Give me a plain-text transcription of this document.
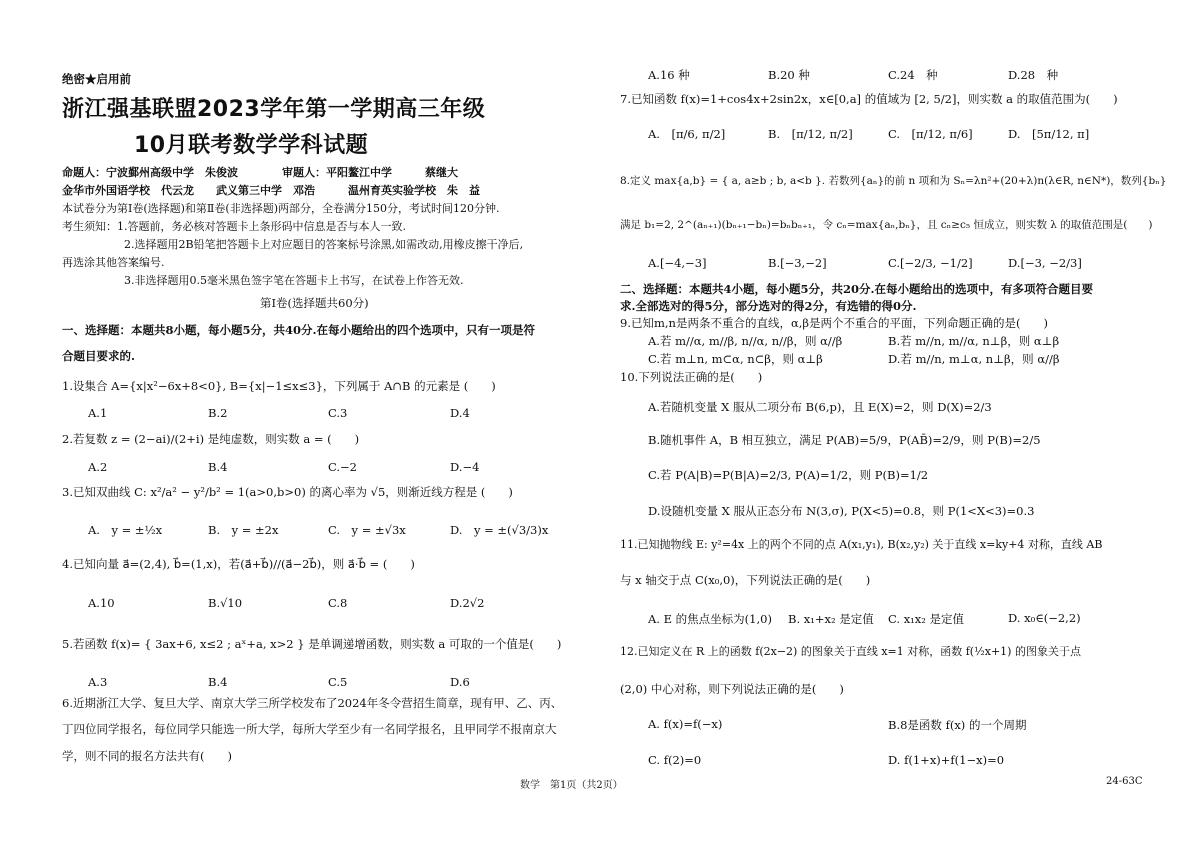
绝密★启用前
浙江强基联盟2023学年第一学期高三年级
10月联考数学学科试题
命题人：宁波鄞州高级中学　朱俊波　　　　审题人：平阳鳌江中学　　　蔡继大
金华市外国语学校　代云龙　　武义第三中学　邓浩　　　温州育英实验学校　朱　益
本试卷分为第Ⅰ卷(选择题)和第Ⅱ卷(非选择题)两部分，全卷满分150分，考试时间120分钟.
考生须知：1.答题前，务必核对答题卡上条形码中信息是否与本人一致.
2.选择题用2B铅笔把答题卡上对应题目的答案标号涂黑,如需改动,用橡皮擦干净后,
再选涂其他答案编号.
3.非选择题用0.5毫米黑色签字笔在答题卡上书写，在试卷上作答无效.
第Ⅰ卷(选择题共60分)
一、选择题：本题共8小题，每小题5分，共40分.在每小题给出的四个选项中，只有一项是符
合题目要求的.
1.设集合 A={x|x²−6x+8<0}, B={x|−1≤x≤3}，下列属于 A∩B 的元素是 (　　)
A.1	B.2	C.3	D.4
2.若复数 z = (2−ai)/(2+i) 是纯虚数，则实数 a = (　　)
A.2	B.4	C.−2	D.−4
3.已知双曲线 C: x²/a² − y²/b² = 1(a>0,b>0) 的离心率为 √5，则渐近线方程是 (　　)
A.　y = ±½x	B.　y = ±2x	C.　y = ±√3x	D.　y = ±(√3/3)x
4.已知向量 a⃗=(2,4), b⃗=(1,x)，若(a⃗+b⃗)//(a⃗−2b⃗)，则 a⃗·b⃗ = (　　)
A.10	B.√10	C.8	D.2√2
5.若函数 f(x)= { 3ax+6, x≤2 ; aˣ+a, x>2 } 是单调递增函数，则实数 a 可取的一个值是(　　)
A.3	B.4	C.5	D.6
6.近期浙江大学、复旦大学、南京大学三所学校发布了2024年冬令营招生简章，现有甲、乙、丙、
丁四位同学报名，每位同学只能选一所大学，每所大学至少有一名同学报名，且甲同学不报南京大
学，则不同的报名方法共有(　　)
A.16 种	B.20 种	C.24　种	D.28　种
7.已知函数 f(x)=1+cos4x+2sin2x，x∈[0,a] 的值域为 [2, 5/2]，则实数 a 的取值范围为(　　)
A.　[π/6, π/2]	B.　[π/12, π/2]	C.　[π/12, π/6]	D.　[5π/12, π]
8.定义 max{a,b} = { a, a≥b ; b, a<b }. 若数列{aₙ}的前 n 项和为 Sₙ=λn²+(20+λ)n(λ∈R, n∈N*)，数列{bₙ}
满足 b₁=2, 2^(aₙ₊₁)(bₙ₊₁−bₙ)=bₙbₙ₊₁，令 cₙ=max{aₙ,bₙ}，且 cₙ≥c₅ 恒成立，则实数 λ 的取值范围是(　　)
A.[−4,−3]	B.[−3,−2]	C.[−2/3, −1/2]	D.[−3, −2/3]
二、选择题：本题共4小题，每小题5分，共20分.在每小题给出的选项中，有多项符合题目要
求.全部选对的得5分，部分选对的得2分，有选错的得0分.
9.已知m,n是两条不重合的直线，α,β是两个不重合的平面，下列命题正确的是(　　)
A.若 m//α, m//β, n//α, n//β，则 α//β	B.若 m//n, m//α, n⊥β，则 α⊥β
C.若 m⊥n, m⊂α, n⊂β，则 α⊥β	D.若 m//n, m⊥α, n⊥β，则 α//β
10.下列说法正确的是(　　)
A.若随机变量 X 服从二项分布 B(6,p)，且 E(X)=2，则 D(X)=2/3
B.随机事件 A，B 相互独立，满足 P(AB)=5/9，P(AB̄)=2/9，则 P(B)=2/5
C.若 P(A|B)=P(B|A)=2/3, P(A)=1/2，则 P(B)=1/2
D.设随机变量 X 服从正态分布 N(3,σ), P(X<5)=0.8，则 P(1<X<3)=0.3
11.已知抛物线 E: y²=4x 上的两个不同的点 A(x₁,y₁), B(x₂,y₂) 关于直线 x=ky+4 对称，直线 AB
与 x 轴交于点 C(x₀,0)，下列说法正确的是(　　)
A. E 的焦点坐标为(1,0) B. x₁+x₂ 是定值 C. x₁x₂ 是定值	D. x₀∈(−2,2)
12.已知定义在 R 上的函数 f(2x−2) 的图象关于直线 x=1 对称，函数 f(½x+1) 的图象关于点
(2,0) 中心对称，则下列说法正确的是(　　)
A. f(x)=f(−x)	B.8是函数 f(x) 的一个周期
C. f(2)=0	D. f(1+x)+f(1−x)=0
数学　第1页（共2页）	24-63C
